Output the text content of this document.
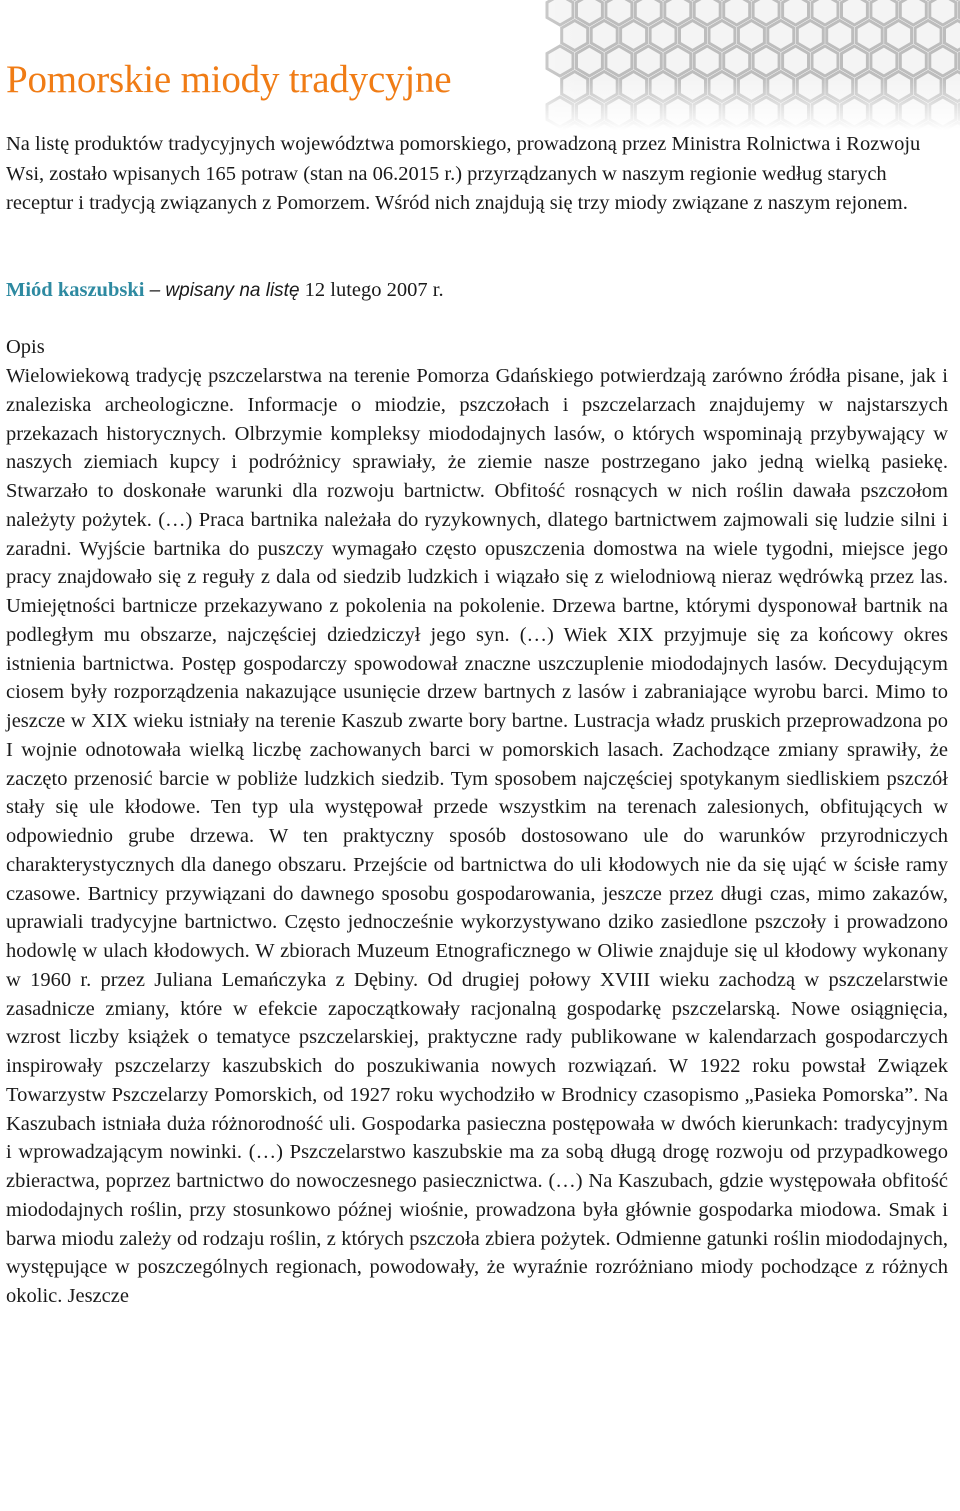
Pomorskie miody tradycyjne

Na listę produktów tradycyjnych województwa pomorskiego, prowadzoną przez Ministra Rolnictwa i Rozwoju Wsi, zostało wpisanych 165 potraw (stan na 06.2015 r.) przyrządzanych w naszym regionie według starych receptur i tradycją związanych z Pomorzem. Wśród nich znajdują się trzy miody związane z naszym rejonem.

Miód kaszubski – wpisany na listę 12 lutego 2007 r.

Opis

Wielowiekową tradycję pszczelarstwa na terenie Pomorza Gdańskiego potwierdzają zarówno źródła pisane, jak i znaleziska archeologiczne. Informacje o miodzie, pszczołach i pszczelarzach znajdujemy w najstarszych przekazach historycznych. Olbrzymie kompleksy miododajnych lasów, o których wspominają przybywający w naszych ziemiach kupcy i podróżnicy sprawiały, że ziemie nasze postrzegano jako jedną wielką pasiekę. Stwarzało to doskonałe warunki dla rozwoju bartnictw. Obfitość rosnących w nich roślin dawała pszczołom należyty pożytek. (…) Praca bartnika należała do ryzykownych, dlatego bartnictwem zajmowali się ludzie silni i zaradni. Wyjście bartnika do puszczy wymagało często opuszczenia domostwa na wiele tygodni, miejsce jego pracy znajdowało się z reguły z dala od siedzib ludzkich i wiązało się z wielodniową nieraz wędrówką przez las. Umiejętności bartnicze przekazywano z pokolenia na pokolenie. Drzewa bartne, którymi dysponował bartnik na podległym mu obszarze, najczęściej dziedziczył jego syn. (…) Wiek XIX przyjmuje się za końcowy okres istnienia bartnictwa. Postęp gospodarczy spowodował znaczne uszczuplenie miododajnych lasów. Decydującym ciosem były rozporządzenia nakazujące usunięcie drzew bartnych z lasów i zabraniające wyrobu barci. Mimo to jeszcze w XIX wieku istniały na terenie Kaszub zwarte bory bartne. Lustracja władz pruskich przeprowadzona po I wojnie odnotowała wielką liczbę zachowanych barci w pomorskich lasach. Zachodzące zmiany sprawiły, że zaczęto przenosić barcie w pobliże ludzkich siedzib. Tym sposobem najczęściej spotykanym siedliskiem pszczół stały się ule kłodowe. Ten typ ula występował przede wszystkim na terenach zalesionych, obfitujących w odpowiednio grube drzewa. W ten praktyczny sposób dostosowano ule do warunków przyrodniczych charakterystycznych dla danego obszaru. Przejście od bartnictwa do uli kłodowych nie da się ująć w ścisłe ramy czasowe. Bartnicy przywiązani do dawnego sposobu gospodarowania, jeszcze przez długi czas, mimo zakazów, uprawiali tradycyjne bartnictwo. Często jednocześnie wykorzystywano dziko zasiedlone pszczoły i prowadzono hodowlę w ulach kłodowych. W zbiorach Muzeum Etnograficznego w Oliwie znajduje się ul kłodowy wykonany w 1960 r. przez Juliana Lemańczyka z Dębiny. Od drugiej połowy XVIII wieku zachodzą w pszczelarstwie zasadnicze zmiany, które w efekcie zapoczątkowały racjonalną gospodarkę pszczelarską. Nowe osiągnięcia, wzrost liczby książek o tematyce pszczelarskiej, praktyczne rady publikowane w kalendarzach gospodarczych inspirowały pszczelarzy kaszubskich do poszukiwania nowych rozwiązań. W 1922 roku powstał Związek Towarzystw Pszczelarzy Pomorskich, od 1927 roku wychodziło w Brodnicy czasopismo „Pasieka Pomorska”. Na Kaszubach istniała duża różnorodność uli. Gospodarka pasieczna postępowała w dwóch kierunkach: tradycyjnym i wprowadzającym nowinki. (…) Pszczelarstwo kaszubskie ma za sobą długą drogę rozwoju od przypadkowego zbieractwa, poprzez bartnictwo do nowoczesnego pasiecznictwa. (…) Na Kaszubach, gdzie występowała obfitość miododajnych roślin, przy stosunkowo późnej wiośnie, prowadzona była głównie gospodarka miodowa. Smak i barwa miodu zależy od rodzaju roślin, z których pszczoła zbiera pożytek. Odmienne gatunki roślin miododajnych, występujące w poszczególnych regionach, powodowały, że wyraźnie rozróżniano miody pochodzące z różnych okolic. Jeszcze
